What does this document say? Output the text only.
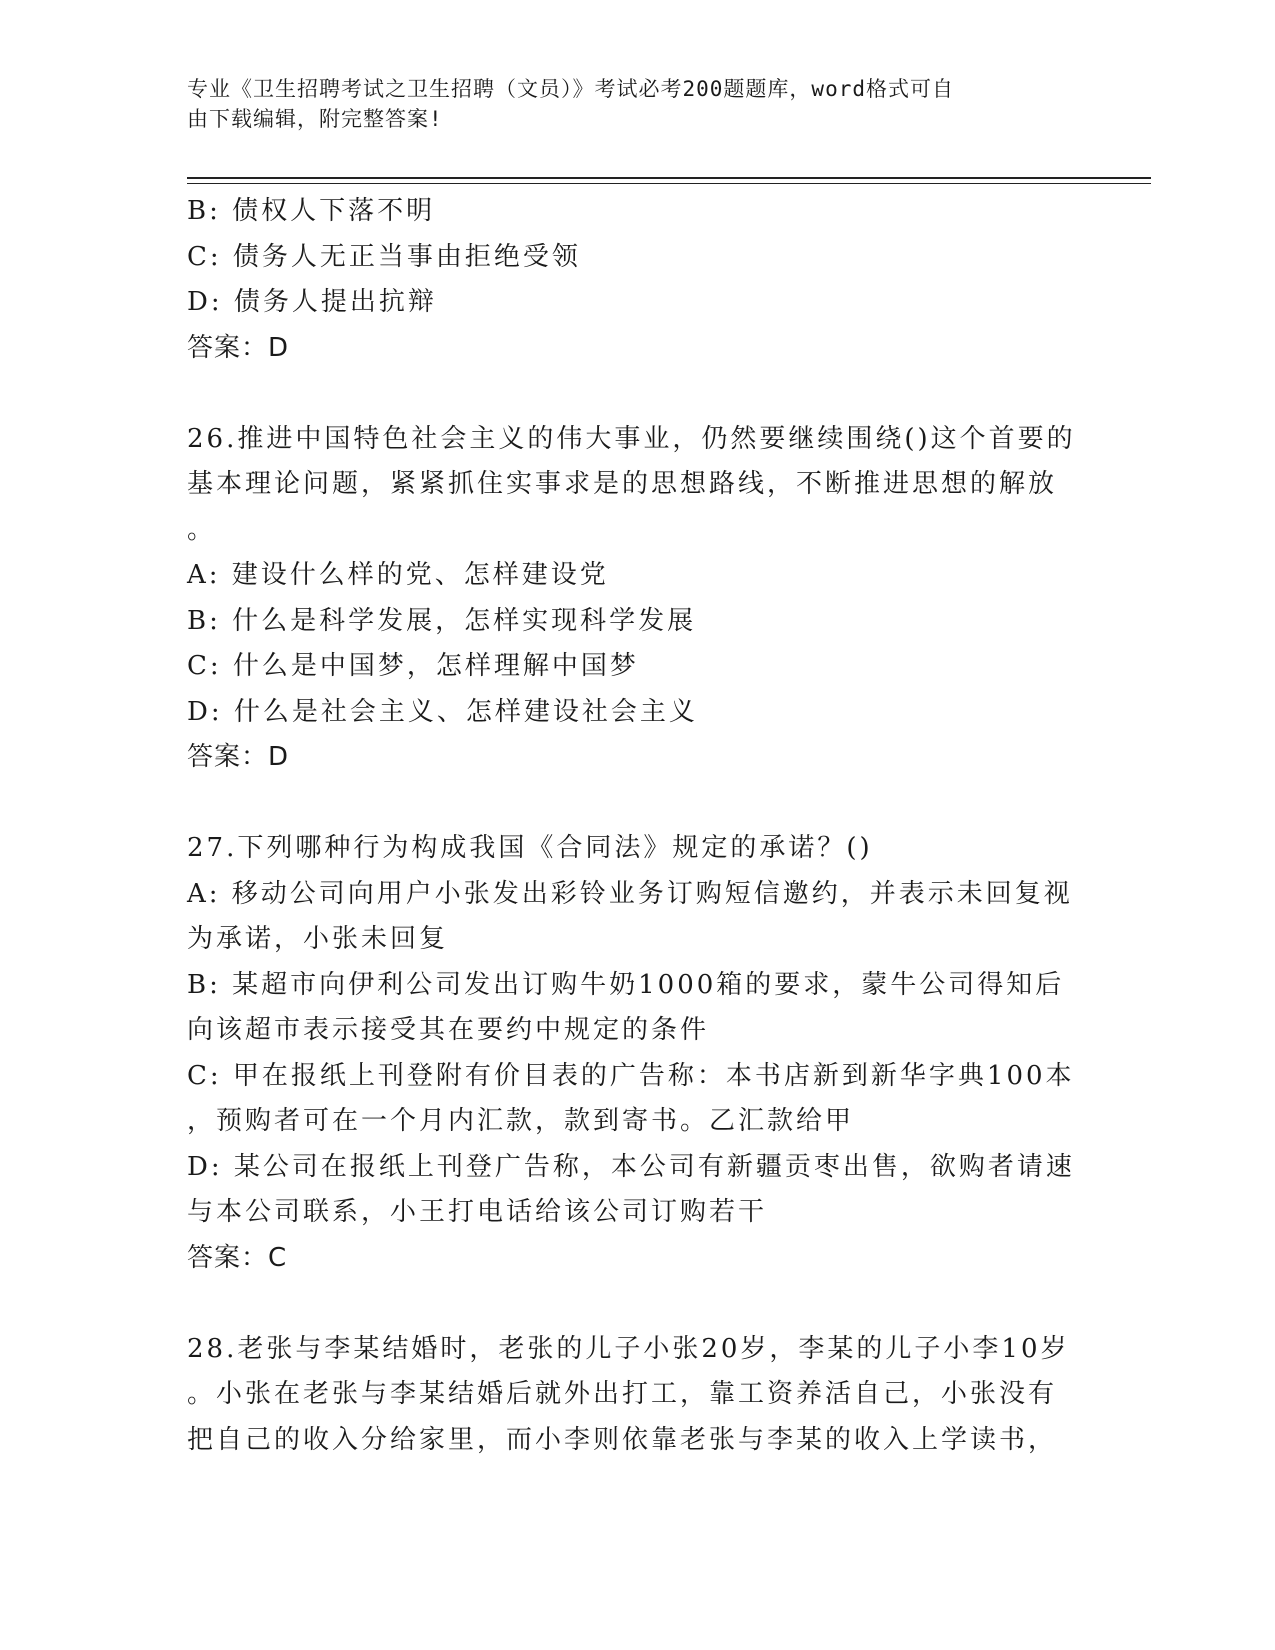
专业《卫生招聘考试之卫生招聘（文员）》考试必考200题题库，word格式可自
由下载编辑，附完整答案!
B: 债权人下落不明
C: 债务人无正当事由拒绝受领
D: 债务人提出抗辩
答案：D
26.推进中国特色社会主义的伟大事业，仍然要继续围绕()这个首要的
基本理论问题，紧紧抓住实事求是的思想路线，不断推进思想的解放
。
A: 建设什么样的党、怎样建设党
B: 什么是科学发展，怎样实现科学发展
C: 什么是中国梦，怎样理解中国梦
D: 什么是社会主义、怎样建设社会主义
答案：D
27.下列哪种行为构成我国《合同法》规定的承诺？()
A: 移动公司向用户小张发出彩铃业务订购短信邀约，并表示未回复视
为承诺，小张未回复
B: 某超市向伊利公司发出订购牛奶1000箱的要求，蒙牛公司得知后
向该超市表示接受其在要约中规定的条件
C: 甲在报纸上刊登附有价目表的广告称：本书店新到新华字典100本
，预购者可在一个月内汇款，款到寄书。乙汇款给甲
D: 某公司在报纸上刊登广告称，本公司有新疆贡枣出售，欲购者请速
与本公司联系，小王打电话给该公司订购若干
答案：C
28.老张与李某结婚时，老张的儿子小张20岁，李某的儿子小李10岁
。小张在老张与李某结婚后就外出打工，靠工资养活自己，小张没有
把自己的收入分给家里，而小李则依靠老张与李某的收入上学读书，
